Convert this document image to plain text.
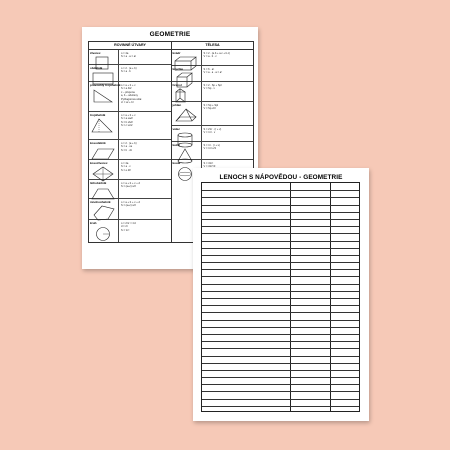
GEOMETRIE
ROVINNÉ ÚTVARY	TĚLESA
čtverec	o = 4a
S = a . a = a²
obdélník	o = 2 . (a + b)
S = a . b
pravoúhlý trojúhelník o = a + b + c
S = a.b/2
c – přepona
a, b – odvěsny
Pythagorova věta:
c² = a² + b²
trojúhelník	o = a + b + c
S = a.va/2
S = b.vb/2
S = c.vc/2
kosodélník	o = 2 . (a + b)
S = a . va
S = b . vb
kosočtverec	o = 4a
S = a . v
S = e.f/2
lichoběžník	o = a + b + c + d
S = (a+c).v/2
mnohoúhelník	o = a + b + c + d
S = (a+c).v/2
kruh	o = 2πr = πd
d = 2r
S = πr²
kvádr	S = 2 . (a.b + a.c + b.c)
V = a . b . c
krychle	S = 6 . a²
V = a . a . a = a³
hranol	S = 2 . Sp + Spl
V = Sp . v
jehlan	S = Sp + Spl
V = Sp.v/3
válec	S = 2πr . (r + v)
V = πr² . v
kužel	S = πr . (r + s)
V = πr².v/3
koule	S = 4πr²
V = 4πr³/3
LENOCH S NÁPOVĚDOU - GEOMETRIE
